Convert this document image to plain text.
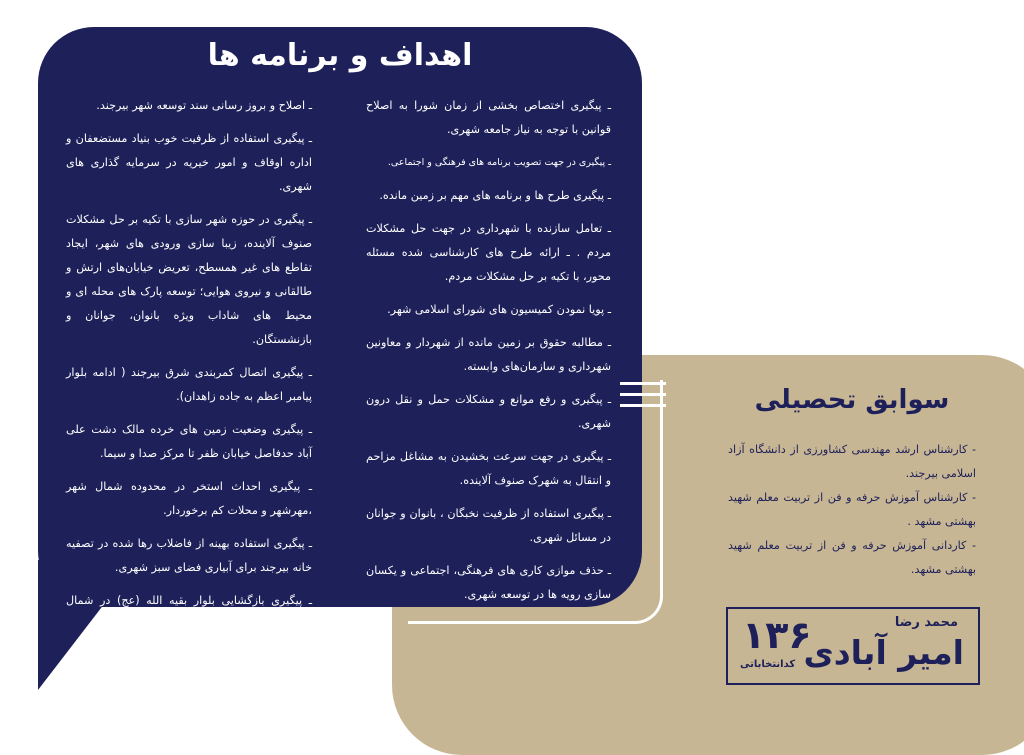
اهداف و برنامه ها

ـ پیگیری اختصاص بخشی از زمان شورا به اصلاح قوانین با توجه به نیاز جامعه شهری.

ـ پیگیری در جهت تصویب برنامه های فرهنگی و اجتماعی.

ـ پیگیری طرح ها و برنامه های مهم بر زمین مانده.

ـ تعامل سازنده با شهرداری در جهت حل مشکلات مردم . ـ ارائه طرح های کارشناسی شده مسئله محور، با تکیه بر حل مشکلات مردم.

ـ پویا نمودن کمیسیون های شورای اسلامی شهر.

ـ مطالبه حقوق بر زمین مانده از شهردار و معاونین شهرداری و سازمان‌های وابسته.

ـ پیگیری و رفع موانع و مشکلات حمل و نقل درون شهری.

ـ پیگیری در جهت سرعت بخشیدن به مشاغل مزاحم و انتقال به شهرک صنوف آلاینده.

ـ پیگیری استفاده از ظرفیت نخبگان ، بانوان و جوانان در مسائل شهری.

ـ حذف موازی کاری های فرهنگی، اجتماعی و یکسان سازی رویه ها در توسعه شهری.

ـ اصلاح و بروز رسانی سند توسعه شهر بیرجند.

ـ پیگیری استفاده از ظرفیت خوب بنیاد مستضعفان و اداره اوقاف و امور خیریه در سرمایه گذاری های شهری.

ـ پیگیری در حوزه شهر سازی با تکیه بر حل مشکلات صنوف آلاینده، زیبا سازی ورودی های شهر، ایجاد تقاطع های غیر همسطح، تعریض خیابان‌های ارتش و طالقانی و نیروی هوایی؛ توسعه پارک های محله ای و محیط های شاداب ویژه بانوان، جوانان و بازنشستگان.

ـ پیگیری اتصال کمربندی شرق بیرجند ( ادامه بلوار پیامبر اعظم به جاده زاهدان).

ـ پیگیری وضعیت زمین های خرده مالک دشت علی آباد حدفاصل خیابان ظفر تا مرکز صدا و سیما.

ـ پیگیری احداث استخر در محدوده شمال شهر ،مهرشهر و محلات کم برخوردار.

ـ پیگیری استفاده بهینه از فاضلاب رها شده در تصفیه خانه بیرجند برای آبیاری فضای سبز شهری.

ـ پیگیری بازگشایی بلوار بقیه الله (عج) در شمال شهر.

سوابق تحصیلی

- کارشناس ارشد مهندسی کشاورزی از دانشگاه آزاد اسلامی بیرجند.

- کارشناس آموزش حرفه و فن از تربیت معلم شهید بهشتی مشهد .

- کاردانی آموزش حرفه و فن از تربیت معلم شهید بهشتی مشهد.

محمد رضا
امیر آبادی
۱۳۶
کدانتخاباتی
